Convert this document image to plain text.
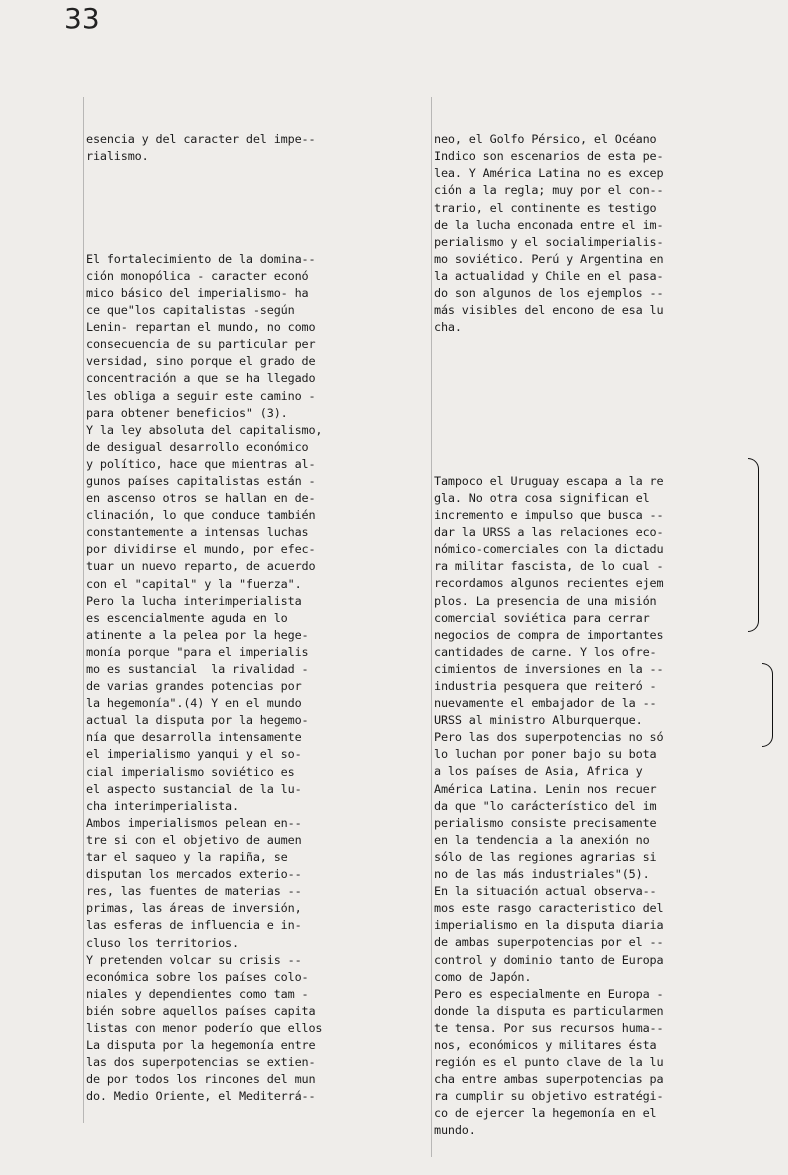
33

esencia y del caracter del impe--
rialismo.

El fortalecimiento de la domina--
ción monopólica - caracter econó
mico básico del imperialismo- ha
ce que"los capitalistas -según
Lenin- repartan el mundo, no como
consecuencia de su particular per
versidad, sino porque el grado de
concentración a que se ha llegado
les obliga a seguir este camino -
para obtener beneficios" (3).
Y la ley absoluta del capitalismo,
de desigual desarrollo económico
y político, hace que mientras al-
gunos países capitalistas están -
en ascenso otros se hallan en de-
clinación, lo que conduce también
constantemente a intensas luchas
por dividirse el mundo, por efec-
tuar un nuevo reparto, de acuerdo
con el "capital" y la "fuerza".
Pero la lucha interimperialista
es escencialmente aguda en lo
atinente a la pelea por la hege-
monía porque "para el imperialis
mo es sustancial  la rivalidad -
de varias grandes potencias por
la hegemonía".(4) Y en el mundo
actual la disputa por la hegemo-
nía que desarrolla intensamente
el imperialismo yanqui y el so-
cial imperialismo soviético es
el aspecto sustancial de la lu-
cha interimperialista.
Ambos imperialismos pelean en--
tre si con el objetivo de aumen
tar el saqueo y la rapiña, se
disputan los mercados exterio--
res, las fuentes de materias --
primas, las áreas de inversión,
las esferas de influencia e in-
cluso los territorios.
Y pretenden volcar su crisis --
económica sobre los países colo-
niales y dependientes como tam -
bién sobre aquellos países capita
listas con menor poderío que ellos
La disputa por la hegemonía entre
las dos superpotencias se extien-
de por todos los rincones del mun
do. Medio Oriente, el Mediterrá--

neo, el Golfo Pérsico, el Océano
Indico son escenarios de esta pe-
lea. Y América Latina no es excep
ción a la regla; muy por el con--
trario, el continente es testigo
de la lucha enconada entre el im-
perialismo y el socialimperialis-
mo soviético. Perú y Argentina en
la actualidad y Chile en el pasa-
do son algunos de los ejemplos --
más visibles del encono de esa lu
cha.

Tampoco el Uruguay escapa a la re
gla. No otra cosa significan el
incremento e impulso que busca --
dar la URSS a las relaciones eco-
nómico-comerciales con la dictadu
ra militar fascista, de lo cual -
recordamos algunos recientes ejem
plos. La presencia de una misión
comercial soviética para cerrar
negocios de compra de importantes
cantidades de carne. Y los ofre-
cimientos de inversiones en la --
industria pesquera que reiteró -
nuevamente el embajador de la --
URSS al ministro Alburquerque.
Pero las dos superpotencias no só
lo luchan por poner bajo su bota
a los países de Asia, Africa y
América Latina. Lenin nos recuer
da que "lo carácterístico del im
perialismo consiste precisamente
en la tendencia a la anexión no
sólo de las regiones agrarias si
no de las más industriales"(5).
En la situación actual observa--
mos este rasgo caracteristico del
imperialismo en la disputa diaria
de ambas superpotencias por el --
control y dominio tanto de Europa
como de Japón.
Pero es especialmente en Europa -
donde la disputa es particularmen
te tensa. Por sus recursos huma--
nos, económicos y militares ésta
región es el punto clave de la lu
cha entre ambas superpotencias pa
ra cumplir su objetivo estratégi-
co de ejercer la hegemonía en el
mundo.
